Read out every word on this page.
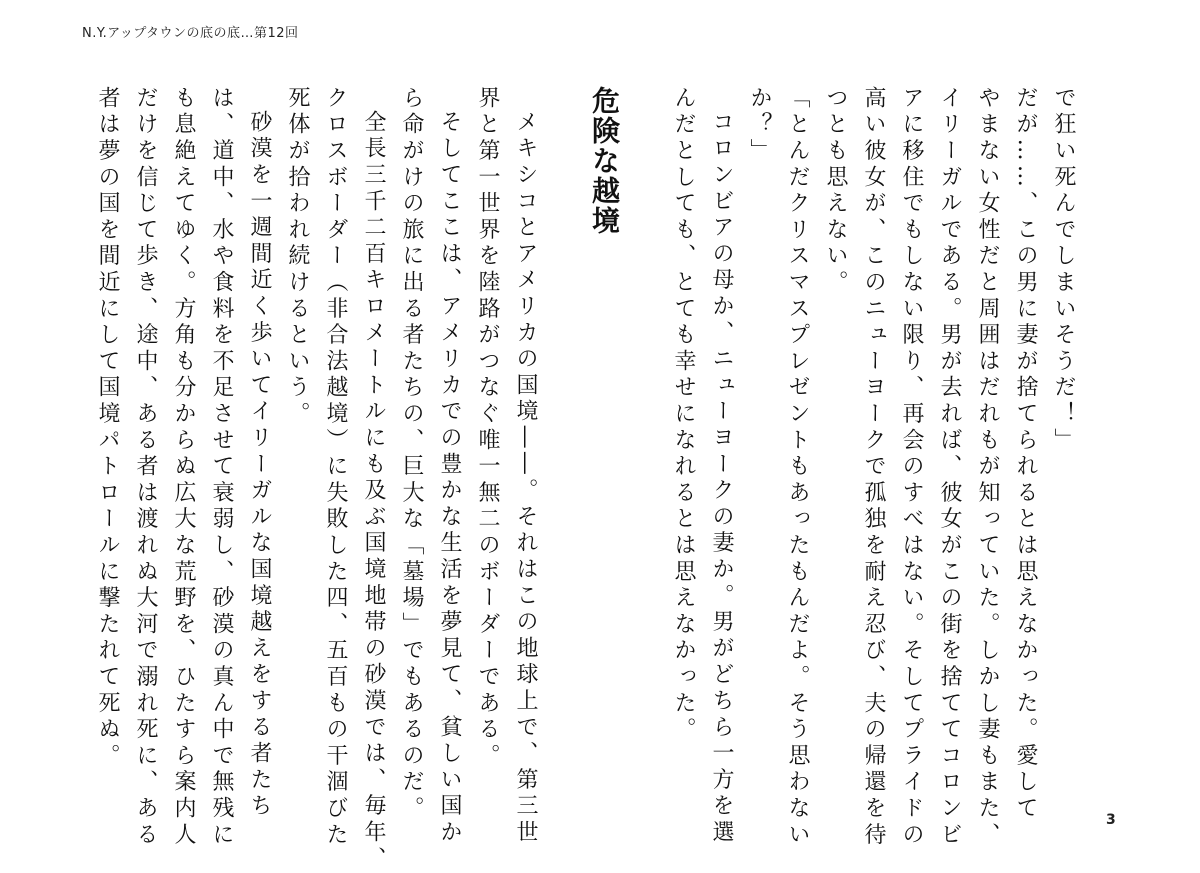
N.Y.アップタウンの底の底…第12回
3
危険な越境	で狂い死んでしまいそうだ！」
だが……、この男に妻が捨てられるとは思えなかった。愛して
やまない女性だと周囲はだれもが知っていた。しかし妻もまた、
イリーガルである。男が去れば、彼女がこの街を捨ててコロンビ
アに移住でもしない限り、再会のすべはない。そしてプライドの
高い彼女が、このニューヨークで孤独を耐え忍び、夫の帰還を待
つとも思えない。
「とんだクリスマスプレゼントもあったもんだよ。そう思わない
か？」
コロンビアの母か、ニューヨークの妻か。男がどちら一方を選
んだとしても、とても幸せになれるとは思えなかった。
メキシコとアメリカの国境――。それはこの地球上で、第三世
界と第一世界を陸路がつなぐ唯一無二のボーダーである。
そしてここは、アメリカでの豊かな生活を夢見て、貧しい国か
ら命がけの旅に出る者たちの、巨大な「墓場」でもあるのだ。
全長三千二百キロメートルにも及ぶ国境地帯の砂漠では、毎年、
クロスボーダー（非合法越境）に失敗した四、五百もの干涸びた
死体が拾われ続けるという。
砂漠を一週間近く歩いてイリーガルな国境越えをする者たち
は、道中、水や食料を不足させて衰弱し、砂漠の真ん中で無残に
も息絶えてゆく。方角も分からぬ広大な荒野を、ひたすら案内人
だけを信じて歩き、途中、ある者は渡れぬ大河で溺れ死に、ある
者は夢の国を間近にして国境パトロールに撃たれて死ぬ。
